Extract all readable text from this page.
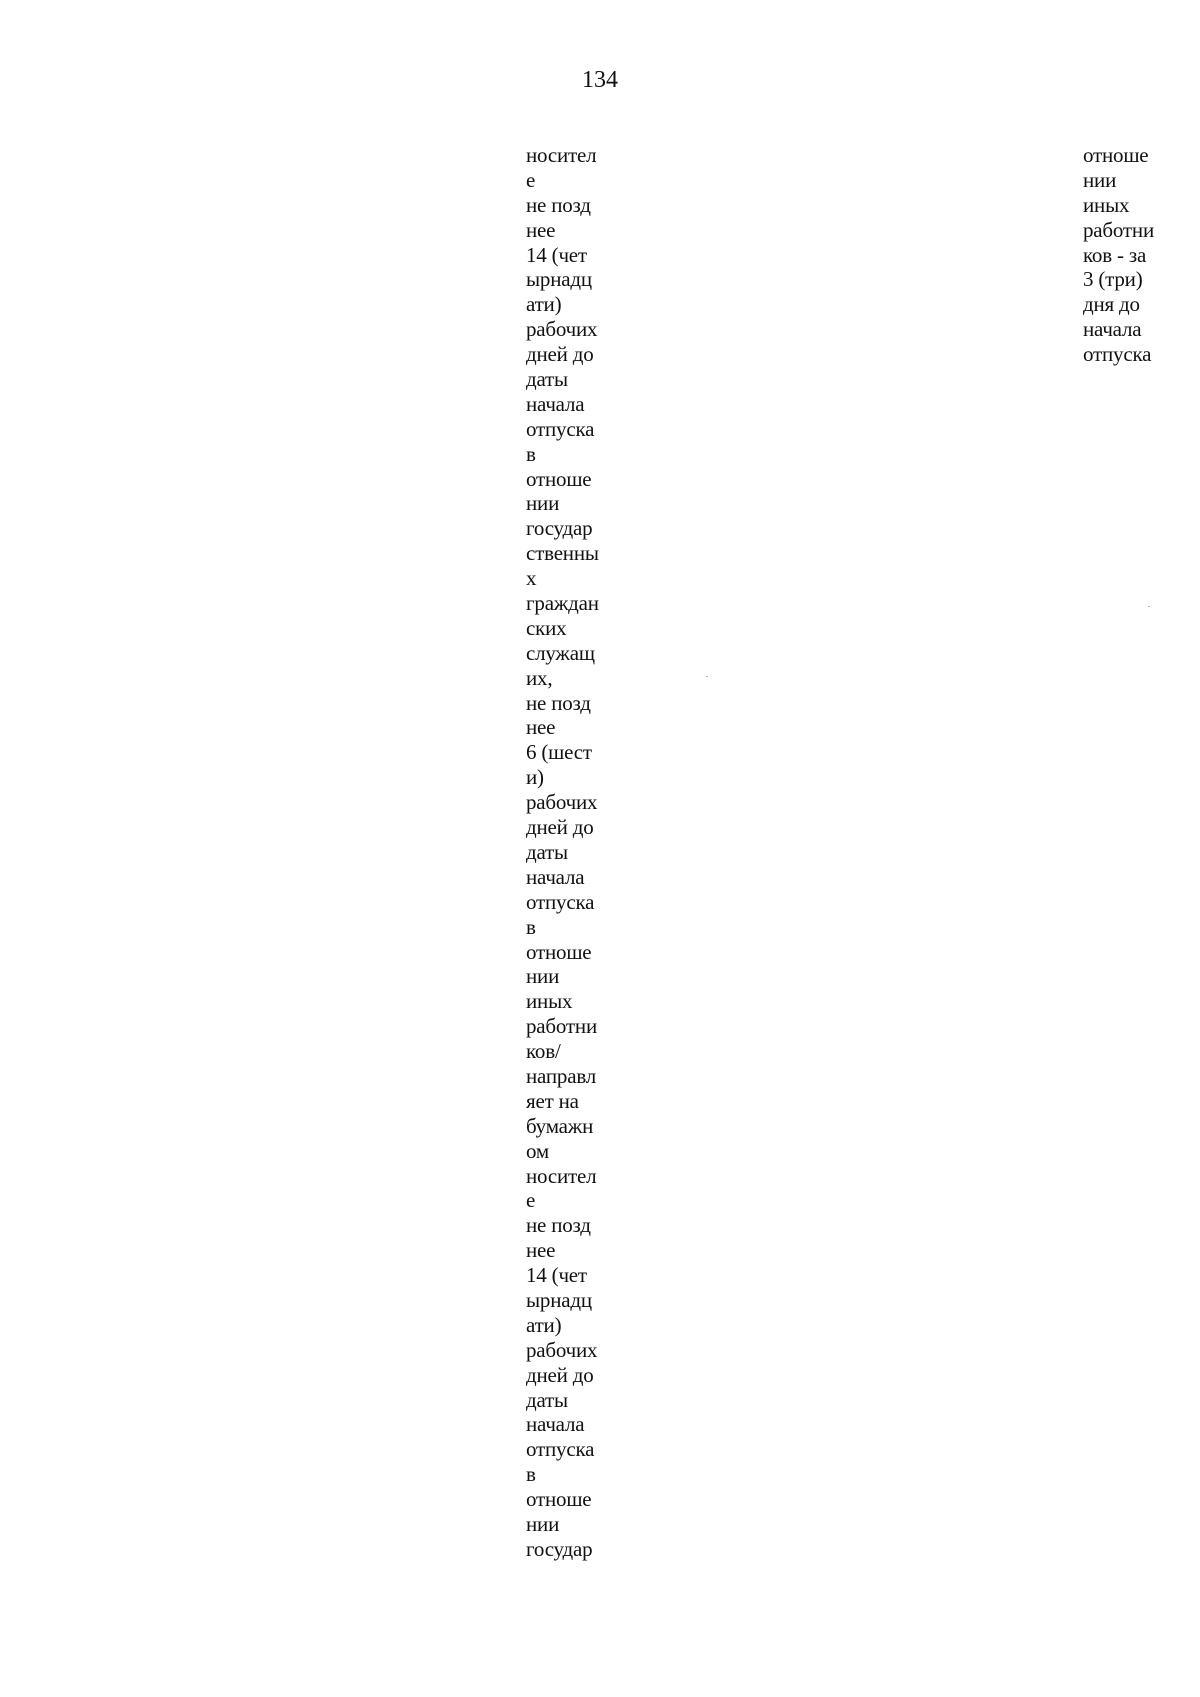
134
носител
е
не позд
нее
14 (чет
ырнадц
ати)
рабочих
дней до
даты
начала
отпуска
в
отноше
нии
государ
ственны
х
граждан
ских
служащ
их,
не позд
нее
6 (шест
и)
рабочих
дней до
даты
начала
отпуска
в
отноше
нии
иных
работни
ков/
направл
яет на
бумажн
ом
носител
е
не позд
нее
14 (чет
ырнадц
ати)
рабочих
дней до
даты
начала
отпуска
в
отноше
нии
государ
отноше
нии
иных
работни
ков - за
3 (три)
дня до
начала
отпуска
